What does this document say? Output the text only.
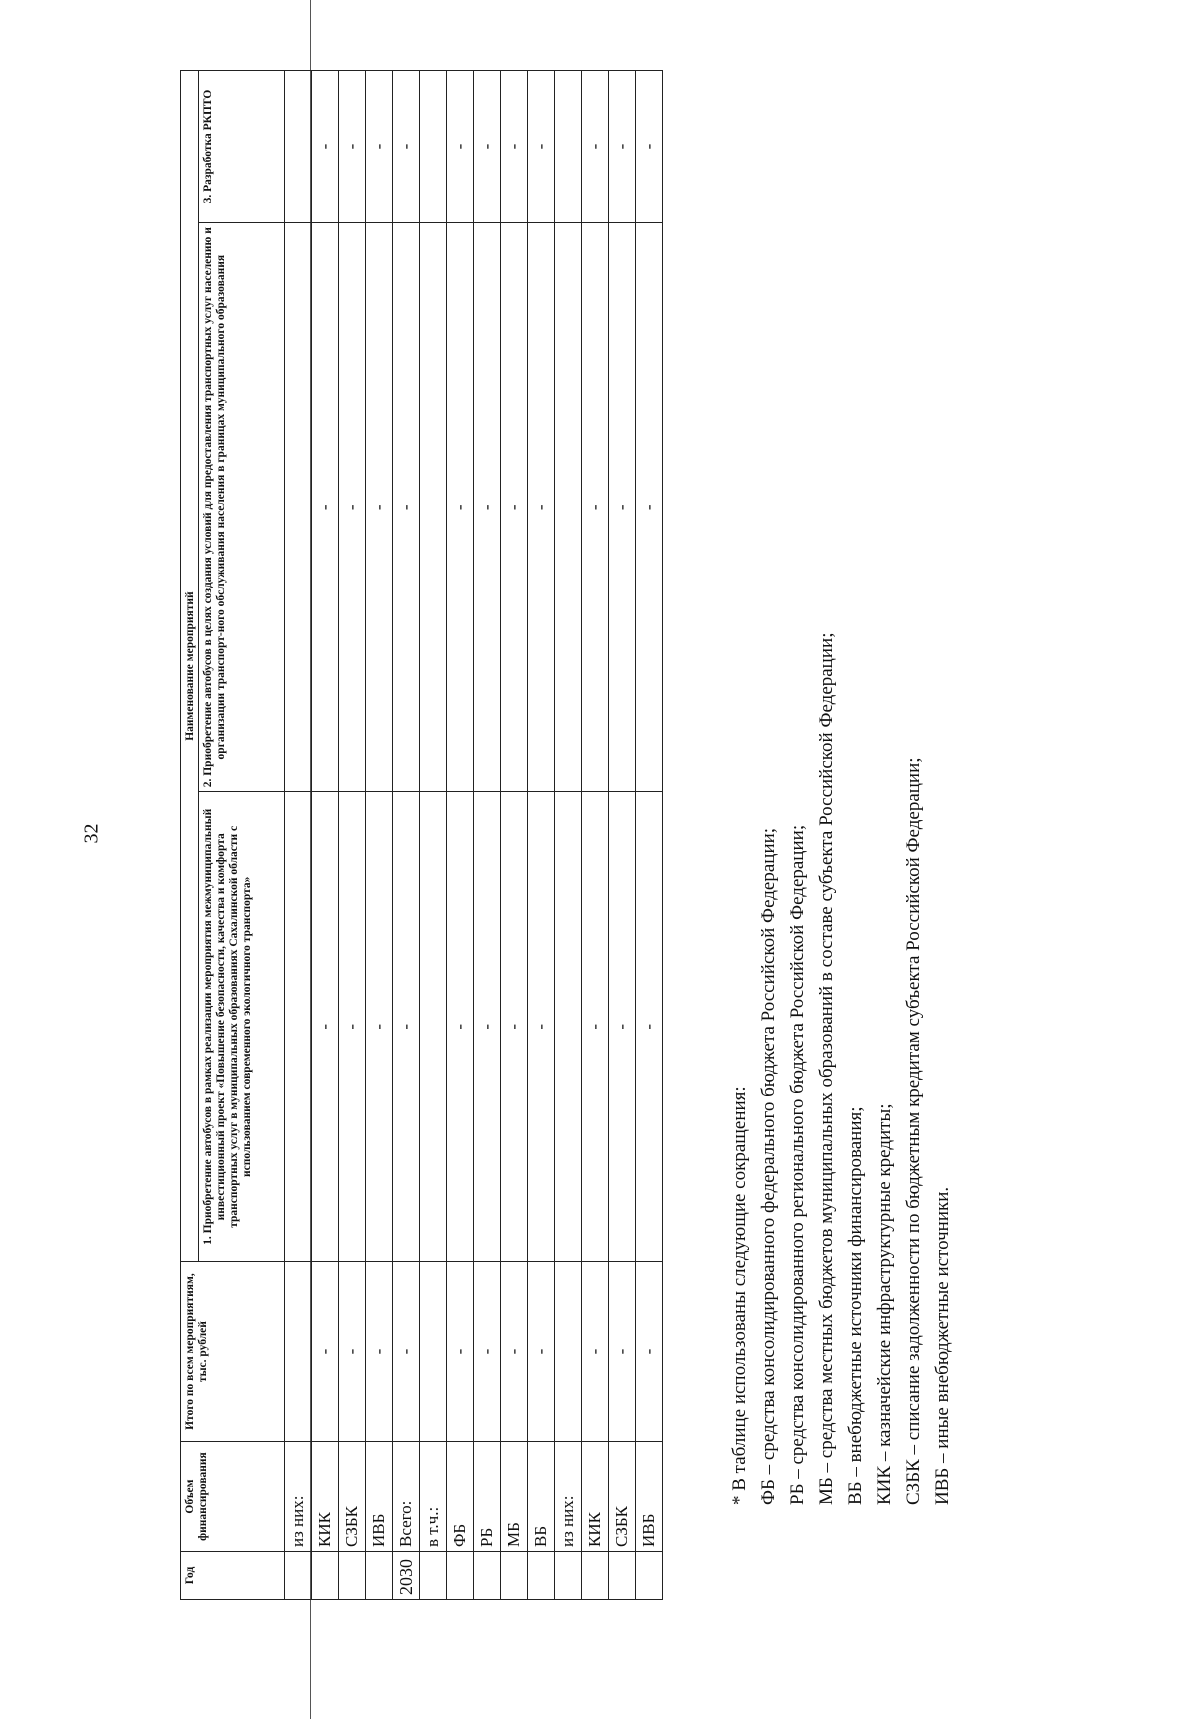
32
Год	Объем финансирования	Итого по всем мероприятиям, тыс. рублей	Наименование мероприятий		
			1. Приобретение автобусов в рамках реализации мероприятия межмуниципальный инвестиционный проект «Повышение безопасности, качества и комфорта транспортных услуг в муниципальных образованиях Сахалинской области с использованием современного экологичного транспорта»	2. Приобретение автобусов в целях создания условий для предоставления транспортных услуг населению и организации транспорт-ного обслуживания населения в границах муниципального образования	3. Разработка РКПТО
	из них:				
	КИК	-	-	-	-
	СЗБК	-	-	-	-
	ИВБ	-	-	-	-
2030	Всего:	-	-	-	-
	в т.ч.:				
	ФБ	-	-	-	-
	РБ	-	-	-	-
	МБ	-	-	-	-
	ВБ	-	-	-	-
	из них:				
	КИК	-	-	-	-
	СЗБК	-	-	-	-
	ИВБ	-	-	-	-
* В таблице использованы следующие сокращения: ФБ – средства консолидированного федерального бюджета Российской Федерации; РБ – средства консолидированного регионального бюджета Российской Федерации; МБ – средства местных бюджетов муниципальных образований в составе субъекта Российской Федерации; ВБ – внебюджетные источники финансирования; КИК – казначейские инфраструктурные кредиты; СЗБК – списание задолженности по бюджетным кредитам субъекта Российской Федерации; ИВБ – иные внебюджетные источники.
